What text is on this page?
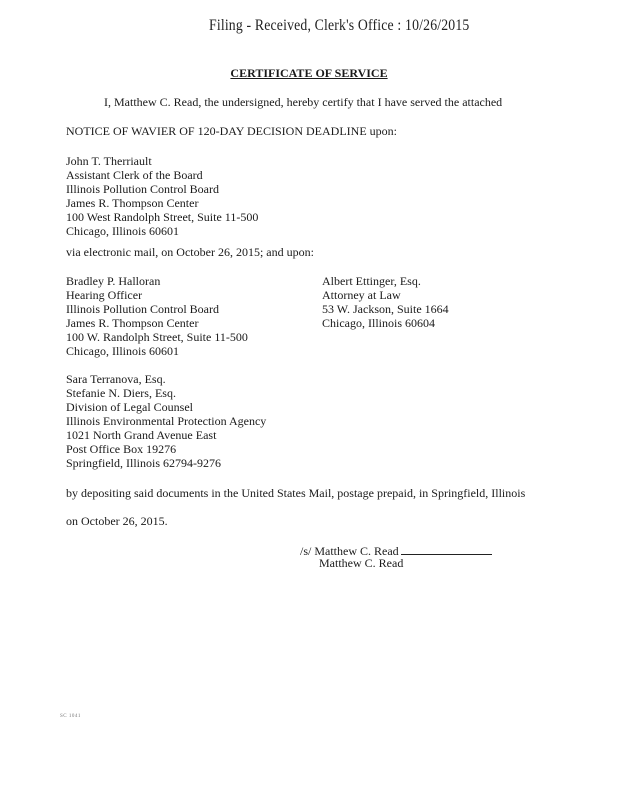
Filing - Received, Clerk's Office : 10/26/2015
CERTIFICATE OF SERVICE
I, Matthew C. Read, the undersigned, hereby certify that I have served the attached
NOTICE OF WAVIER OF 120-DAY DECISION DEADLINE upon:
John T. Therriault
Assistant Clerk of the Board
Illinois Pollution Control Board
James R. Thompson Center
100 West Randolph Street, Suite 11-500
Chicago, Illinois 60601
via electronic mail, on October 26, 2015; and upon:
Bradley P. Halloran
Hearing Officer
Illinois Pollution Control Board
James R. Thompson Center
100 W. Randolph Street, Suite 11-500
Chicago, Illinois 60601
Albert Ettinger, Esq.
Attorney at Law
53 W. Jackson, Suite 1664
Chicago, Illinois 60604
Sara Terranova, Esq.
Stefanie N. Diers, Esq.
Division of Legal Counsel
Illinois Environmental Protection Agency
1021 North Grand Avenue East
Post Office Box 19276
Springfield, Illinois 62794-9276
by depositing said documents in the United States Mail, postage prepaid, in Springfield, Illinois
on October 26, 2015.
/s/ Matthew C. Read
Matthew C. Read
SC 1041
